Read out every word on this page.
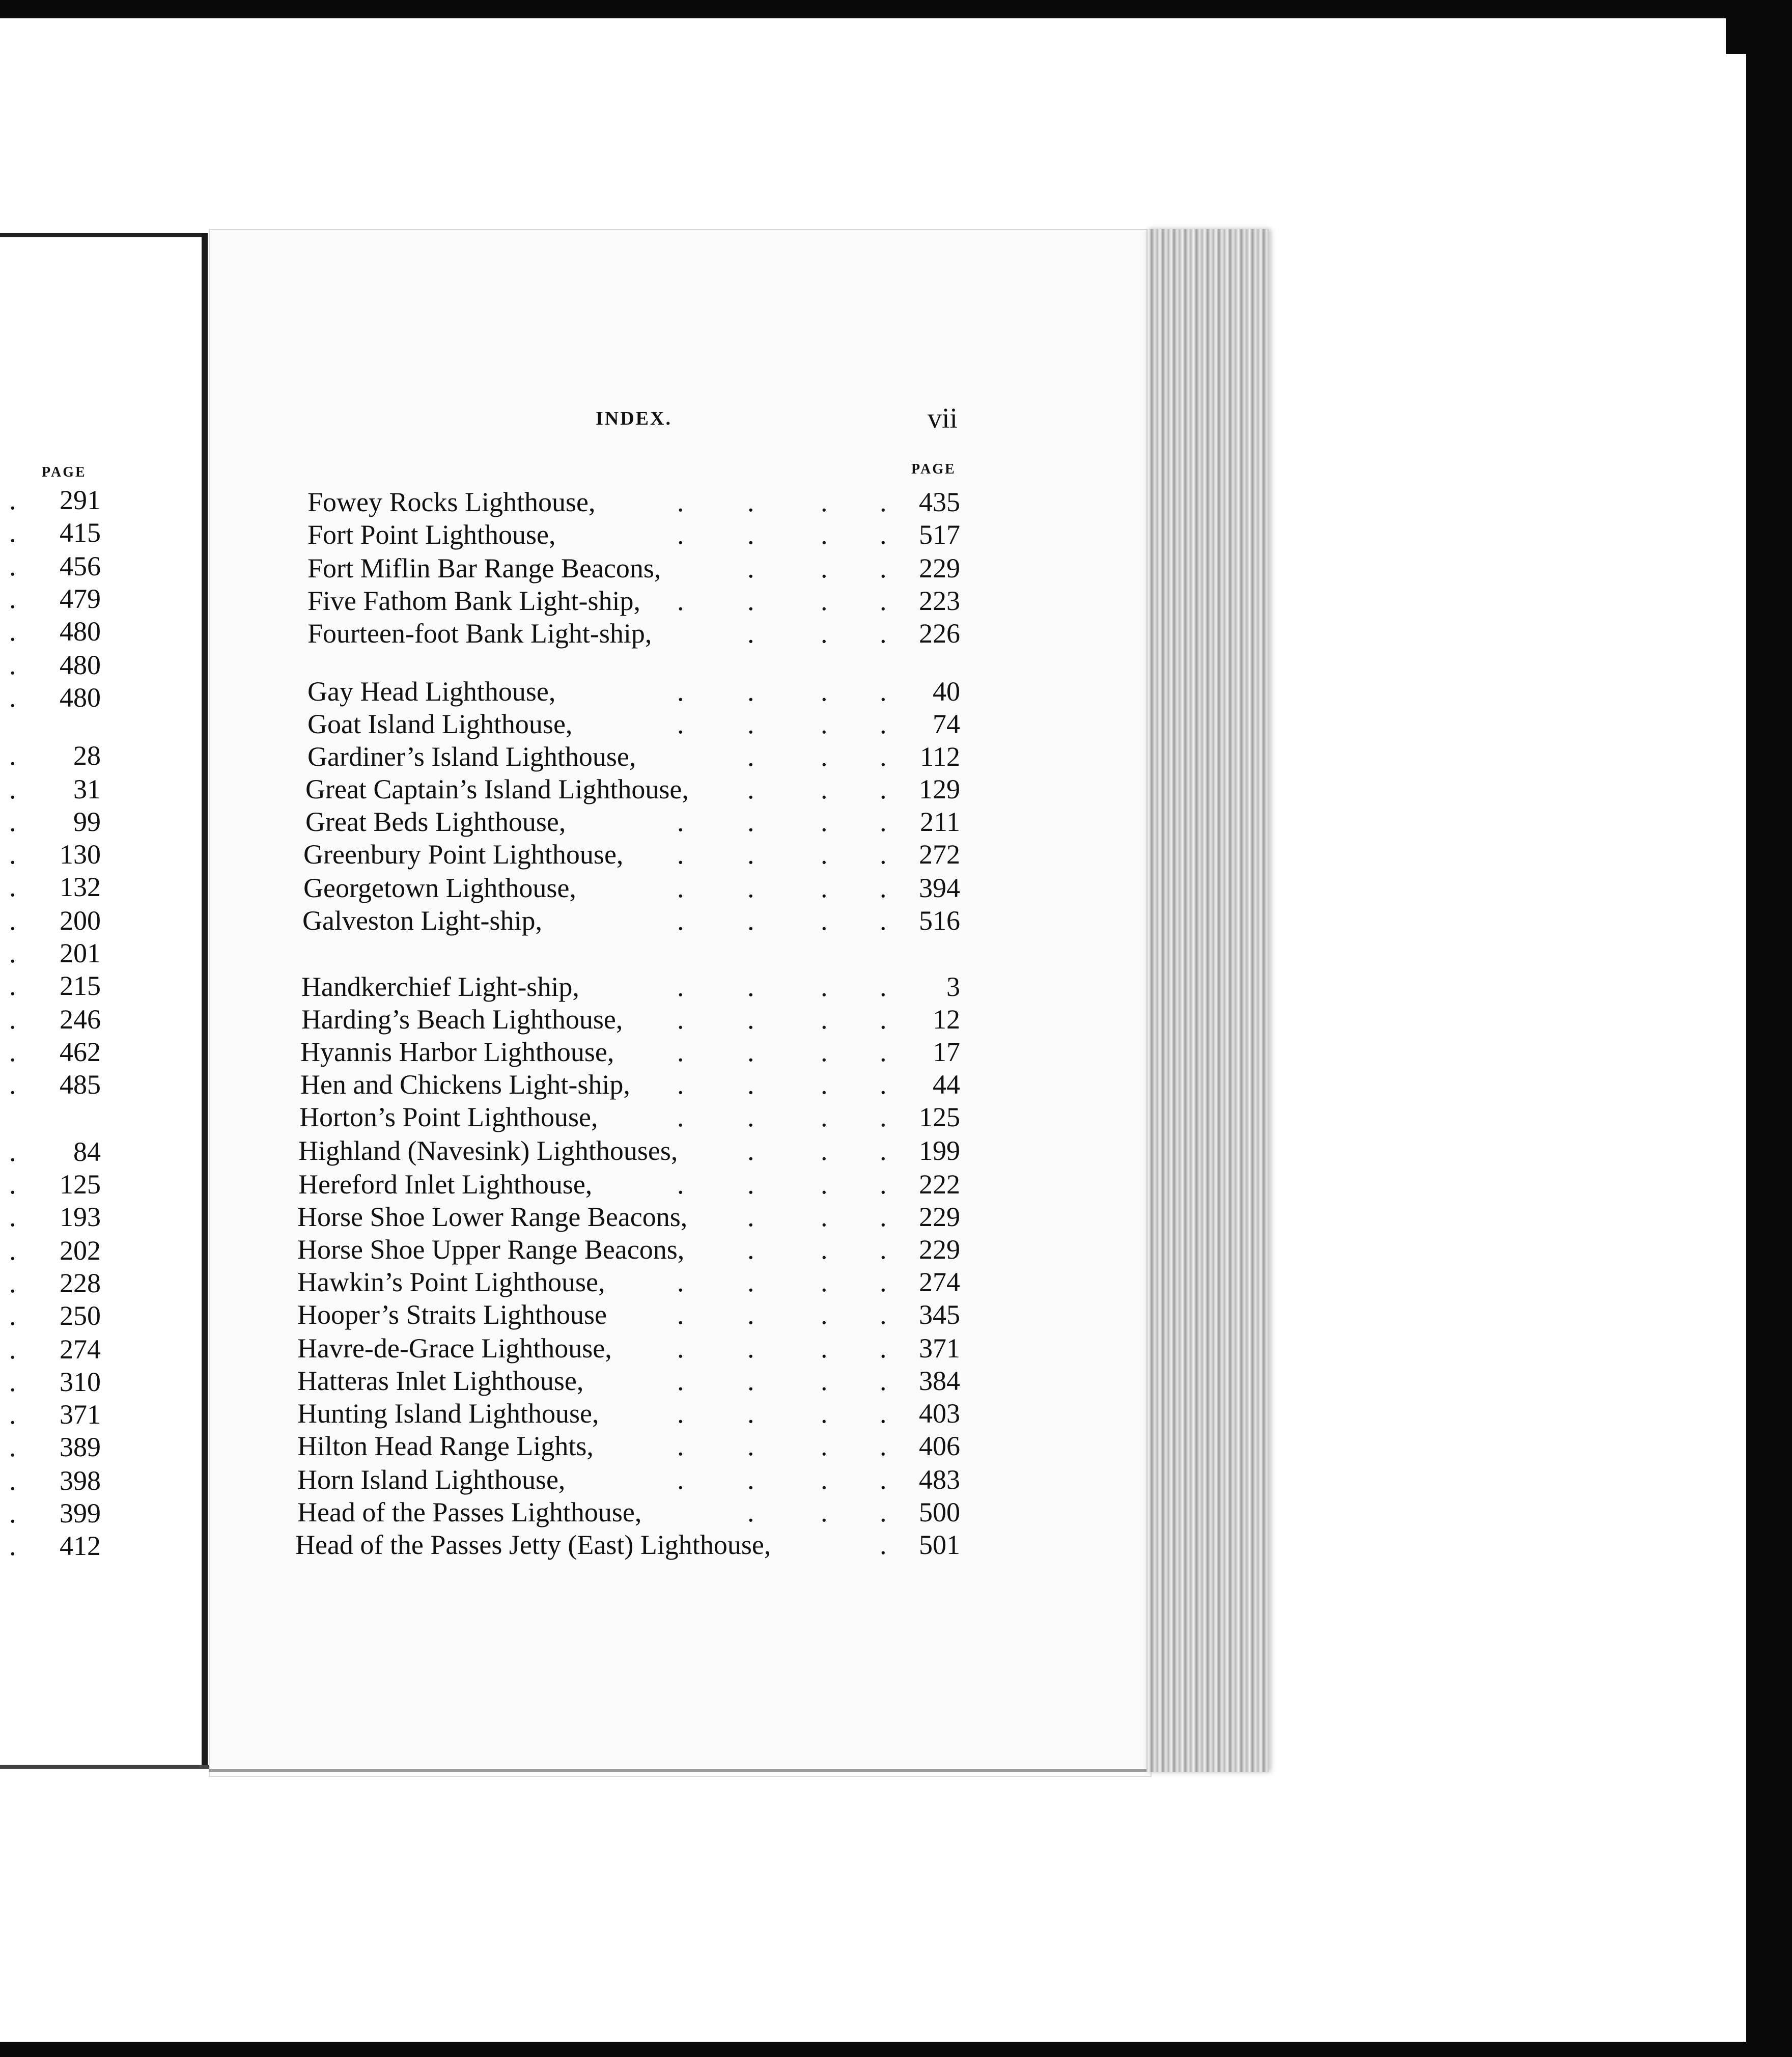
INDEX.	vii
PAGE
PAGE
Fowey Rocks Lighthouse,	. . . .	435
Fort Point Lighthouse,	. . . .	517
Fort Miflin Bar Range Beacons,	. . .	229
Five Fathom Bank Light-ship, . . . .	223
Fourteen-foot Bank Light-ship,	. . .	226
Gay Head Lighthouse,	. . . .	40
Goat Island Lighthouse,	. . . .	74
Gardiner’s Island Lighthouse,	. . .	112
Great Captain’s Island Lighthouse, . . .	129
Great Beds Lighthouse,	. . . .	211
Greenbury Point Lighthouse, . . . .	272
Georgetown Lighthouse,	. . . .	394
Galveston Light-ship,	. . . .	516
Handkerchief Light-ship,	. . . .	3
Harding’s Beach Lighthouse, . . . .	12
Hyannis Harbor Lighthouse, . . . .	17
Hen and Chickens Light-ship, . . . .	44
Horton’s Point Lighthouse,	. . . .	125
Highland (Navesink) Lighthouses,	. . .	199
Hereford Inlet Lighthouse,	. . . .	222
Horse Shoe Lower Range Beacons, . . .	229
Horse Shoe Upper Range Beacons, . . .	229
Hawkin’s Point Lighthouse,	. . . .	274
Hooper’s Straits Lighthouse	. . . .	345
Havre-de-Grace Lighthouse, . . . .	371
Hatteras Inlet Lighthouse,	. . . .	384
Hunting Island Lighthouse,	. . . .	403
Hilton Head Range Lights,	. . . .	406
Horn Island Lighthouse,	. . . .	483
Head of the Passes Lighthouse,	. . .	500
Head of the Passes Jetty (East) Lighthouse,	.	501
.	291
.	415
.	456
.	479
.	480
.	480
.	480
.	28
.	31
.	99
.	130
.	132
.	200
.	201
.	215
.	246
.	462
.	485
.	84
.	125
.	193
.	202
.	228
.	250
.	274
.	310
.	371
.	389
.	398
.	399
.	412
